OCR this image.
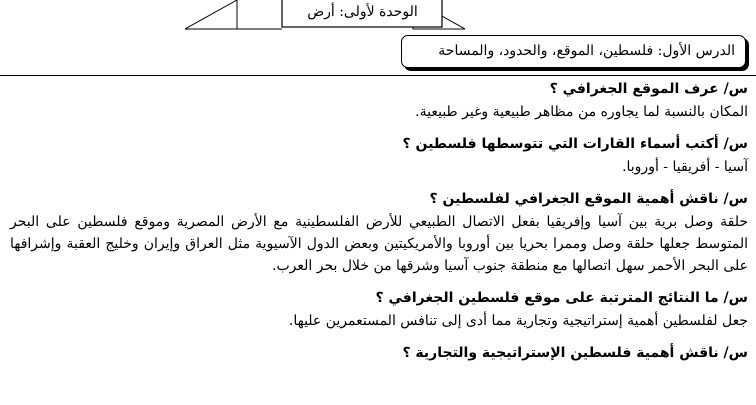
الوحدة لأولى: أرض
الدرس الأول: فلسطين، الموقع، والحدود، والمساحة

س/ عرف الموقع الجغرافي ؟

المكان بالنسبة لما يجاوره من مظاهر طبيعية وغير طبيعية.

س/ أكتب أسماء القارات التي تتوسطها فلسطين ؟

آسيا - أفريقيا - أوروبا.

س/ ناقش أهمية الموقع الجغرافي لفلسطين ؟

حلقة وصل برية بين آسيا وإفريقيا بفعل الاتصال الطبيعي للأرض الفلسطينية مع الأرض المصرية وموقع فلسطين على البحر المتوسط جعلها حلقة وصل وممرا بحريا بين أوروبا والأمريكيتين وبعض الدول الآسيوية مثل العراق وإيران وخليج العقبة وإشرافها على البحر الأحمر سهل اتصالها مع منطقة جنوب آسيا وشرقها من خلال بحر العرب.

س/ ما النتائج المترتبة على موقع فلسطين الجغرافي ؟

جعل لفلسطين أهمية إستراتيجية وتجارية مما أدى إلى تنافس المستعمرين عليها.

س/ ناقش أهمية فلسطين الإستراتيجية والتجارية ؟
